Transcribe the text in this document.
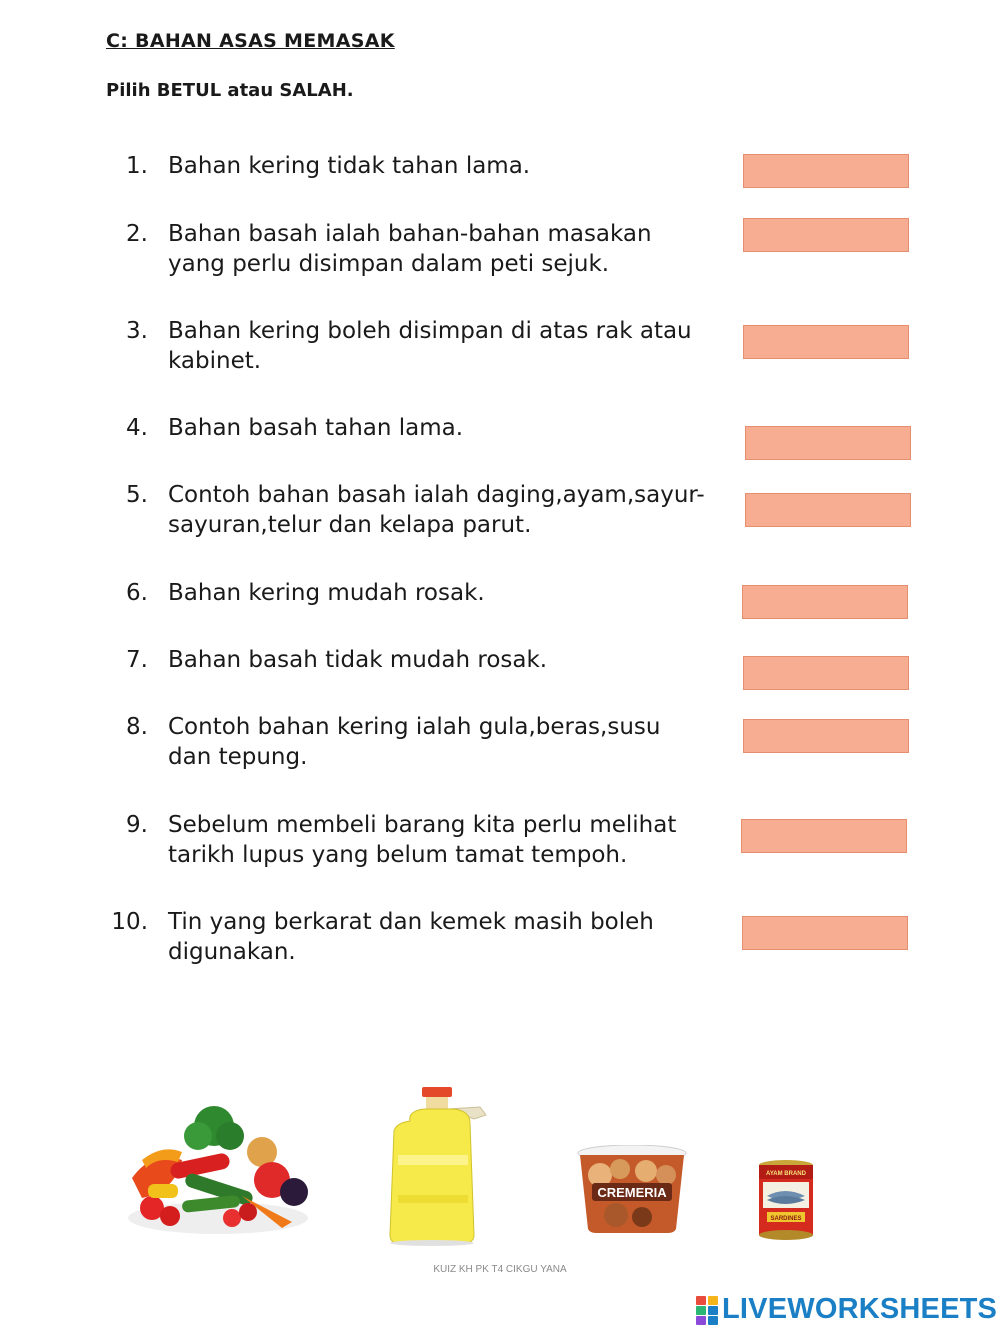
C: BAHAN ASAS MEMASAK
Pilih BETUL atau SALAH.
1. Bahan kering tidak tahan lama.
2. Bahan basah ialah bahan-bahan masakan yang perlu disimpan dalam peti sejuk.
3. Bahan kering boleh disimpan di atas rak atau kabinet.
4. Bahan basah tahan lama.
5. Contoh bahan basah ialah daging,ayam,sayur-sayuran,telur dan kelapa parut.
6. Bahan kering mudah rosak.
7. Bahan basah tidak mudah rosak.
8. Contoh bahan kering ialah gula,beras,susu dan tepung.
9. Sebelum membeli barang kita perlu melihat tarikh lupus yang belum tamat tempoh.
10. Tin yang berkarat dan kemek masih boleh digunakan.
CREMERIA
AYAM BRAND
SARDINES
KUIZ KH PK T4 CIKGU YANA
LIVEWORKSHEETS
